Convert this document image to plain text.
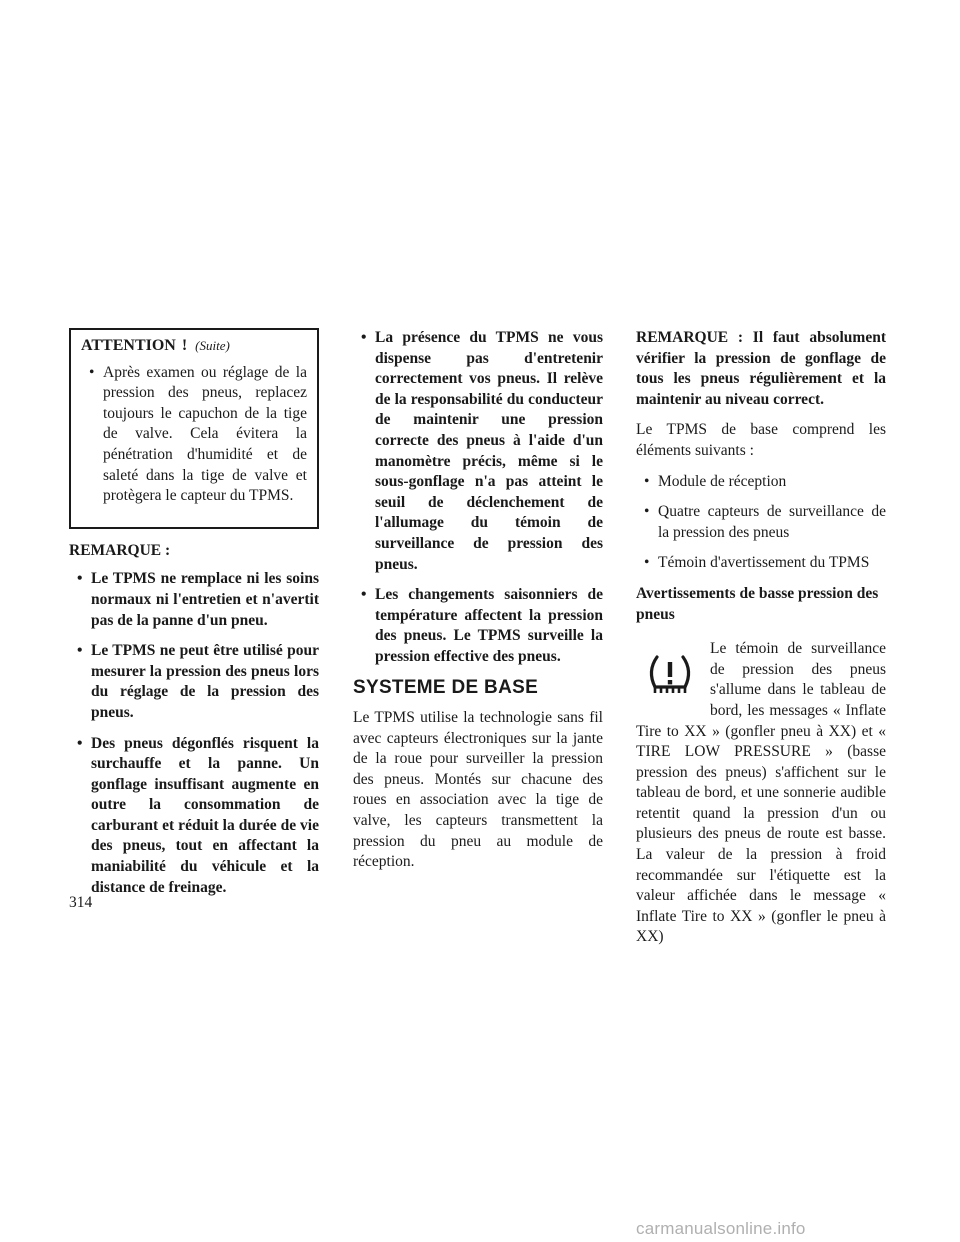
ATTENTION ! (Suite)
• Après examen ou réglage de la pression des pneus, replacez toujours le capuchon de la tige de valve. Cela évitera la pénétration d'humidité et de saleté dans la tige de valve et protègera le capteur du TPMS.
REMARQUE :
• Le TPMS ne remplace ni les soins normaux ni l'entretien et n'avertit pas de la panne d'un pneu.
• Le TPMS ne peut être utilisé pour mesurer la pression des pneus lors du réglage de la pression des pneus.
• Des pneus dégonflés risquent la surchauffe et la panne. Un gonflage insuffisant augmente en outre la consommation de carburant et réduit la durée de vie des pneus, tout en affectant la maniabilité du véhicule et la distance de freinage.
• La présence du TPMS ne vous dispense pas d'entretenir correctement vos pneus. Il relève de la responsabilité du conducteur de maintenir une pression correcte des pneus à l'aide d'un manomètre précis, même si le sous-gonflage n'a pas atteint le seuil de déclenchement de l'allumage du témoin de surveillance de pression des pneus.
• Les changements saisonniers de température affectent la pression des pneus. Le TPMS surveille la pression effective des pneus.
SYSTEME DE BASE

Le TPMS utilise la technologie sans fil avec capteurs électroniques sur la jante de la roue pour surveiller la pression des pneus. Montés sur chacune des roues en association avec la tige de valve, les capteurs transmettent la pression du pneu au module de réception.

REMARQUE : Il faut absolument vérifier la pression de gonflage de tous les pneus régulièrement et la maintenir au niveau correct.

Le TPMS de base comprend les éléments suivants :

• Module de réception
• Quatre capteurs de surveillance de la pression des pneus
• Témoin d'avertissement du TPMS
Avertissements de basse pression des pneus

Le témoin de surveillance de pression des pneus s'allume dans le tableau de bord, les messages « Inflate Tire to XX » (gonfler pneu à XX) et « TIRE LOW PRESSURE » (basse pression des pneus) s'affichent sur le tableau de bord, et une sonnerie audible retentit quand la pression d'un ou plusieurs des pneus de route est basse. La valeur de la pression à froid recommandée sur l'étiquette est la valeur affichée dans le message « Inflate Tire to XX » (gonfler le pneu à XX)

314
carmanualsonline.info
